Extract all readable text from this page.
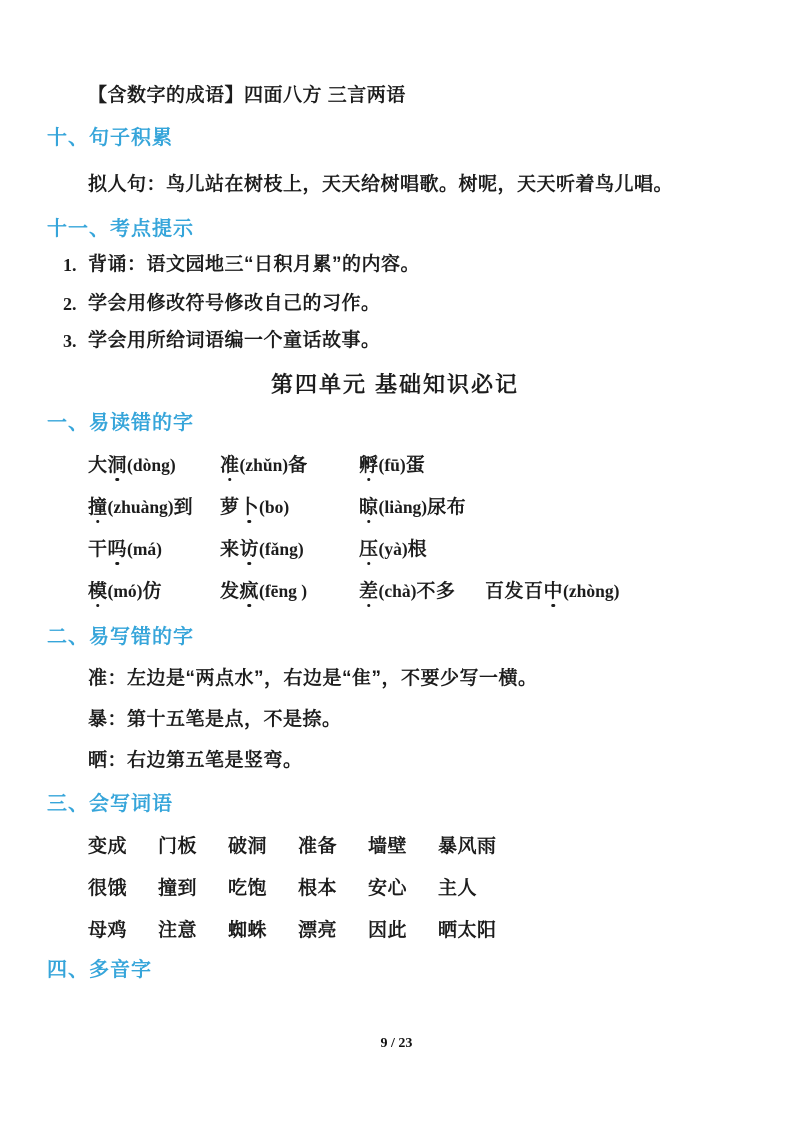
【含数字的成语】四面八方 三言两语
十、句子积累
拟人句：鸟儿站在树枝上，天天给树唱歌。树呢，天天听着鸟儿唱。
十一、考点提示
1. 背诵：语文园地三“日积月累”的内容。
2. 学会用修改符号修改自己的习作。
3. 学会用所给词语编一个童话故事。
第四单元 基础知识必记
一、易读错的字
大洞(dòng)	准(zhǔn)备	孵(fū)蛋
撞(zhuàng)到	萝卜(bo)	晾(liàng)尿布
干吗(má)	来访(fǎng)	压(yà)根
模(mó)仿	发疯(fēng )	差(chà)不多	百发百中(zhòng)
二、易写错的字
准：左边是“两点水”，右边是“隹”，不要少写一横。
暴：第十五笔是点，不是捺。
晒：右边第五笔是竖弯。
三、会写词语
变成	门板	破洞	准备	墙壁	暴风雨
很饿	撞到	吃饱	根本	安心	主人
母鸡	注意	蜘蛛	漂亮	因此	晒太阳
四、多音字
9 / 23
